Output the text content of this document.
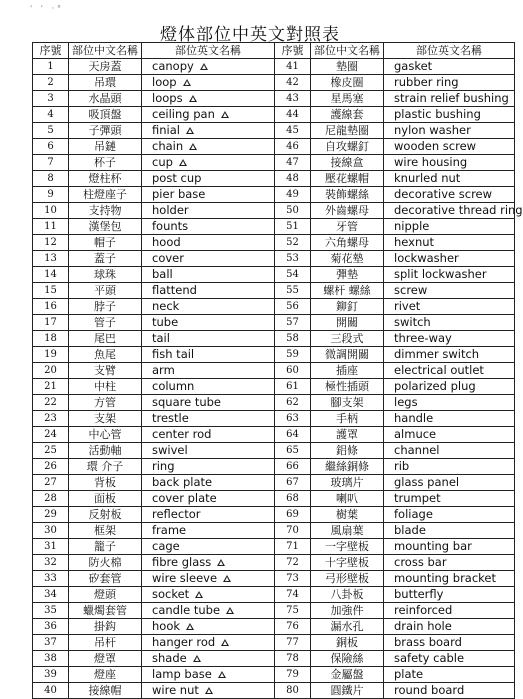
' ' ·°
燈体部位中英文對照表
序號	部位中文名稱	部位英文名稱	序號	部位中文名稱	部位英文名稱
1	天房蓋	canopy	41	墊圈	gasket
2	吊環	loop	42	橡皮圈	rubber ring
3	水晶頭	loops	43	星馬塞	strain relief bushing
4	吸頂盤	ceiling pan	44	護線套	plastic bushing
5	子彈頭	finial	45	尼龍墊圈	nylon washer
6	吊鏈	chain	46	自攻螺釘	wooden screw
7	杯子	cup	47	接線盒	wire housing
8	燈柱杯	post cup	48	壓花螺帽	knurled nut
9	柱燈座子	pier base	49	裝飾螺絲	decorative screw
10	支持物	holder	50	外齒螺母	decorative thread ring
11	漢堡包	founts	51	牙管	nipple
12	帽子	hood	52	六角螺母	hexnut
13	蓋子	cover	53	菊花墊	lockwasher
14	球珠	ball	54	彈墊	split lockwasher
15	平頭	flattend	55	螺杆 螺絲	screw
16	脖子	neck	56	鉚釘	rivet
17	管子	tube	57	開關	switch
18	尾巴	tail	58	三段式	three-way
19	魚尾	fish tail	59	微調開關	dimmer switch
20	支臂	arm	60	插座	electrical outlet
21	中柱	column	61	極性插頭	polarized plug
22	方管	square tube	62	腳支架	legs
23	支架	trestle	63	手柄	handle
24	中心管	center rod	64	護罩	almuce
25	活動軸	swivel	65	鋁條	channel
26	環 介子	ring	66	繼絲銅條	rib
27	背板	back plate	67	玻璃片	glass panel
28	面板	cover plate	68	喇叭	trumpet
29	反射板	reflector	69	樹葉	foliage
30	框架	frame	70	風扇葉	blade
31	籠子	cage	71	一字壁板	mounting bar
32	防火棉	fibre glass	72	十字壁板	cross bar
33	矽套管	wire sleeve	73	弓形壁板	mounting bracket
34	燈頭	socket	74	八卦板	butterfly
35	蠟燭套管	candle tube	75	加強件	reinforced
36	掛鈎	hook	76	漏水孔	drain hole
37	吊杆	hanger rod	77	銅板	brass board
38	燈罩	shade	78	保險絲	safety cable
39	燈座	lamp base	79	金屬盤	plate
40	接線帽	wire nut	80	圓鐵片	round board
